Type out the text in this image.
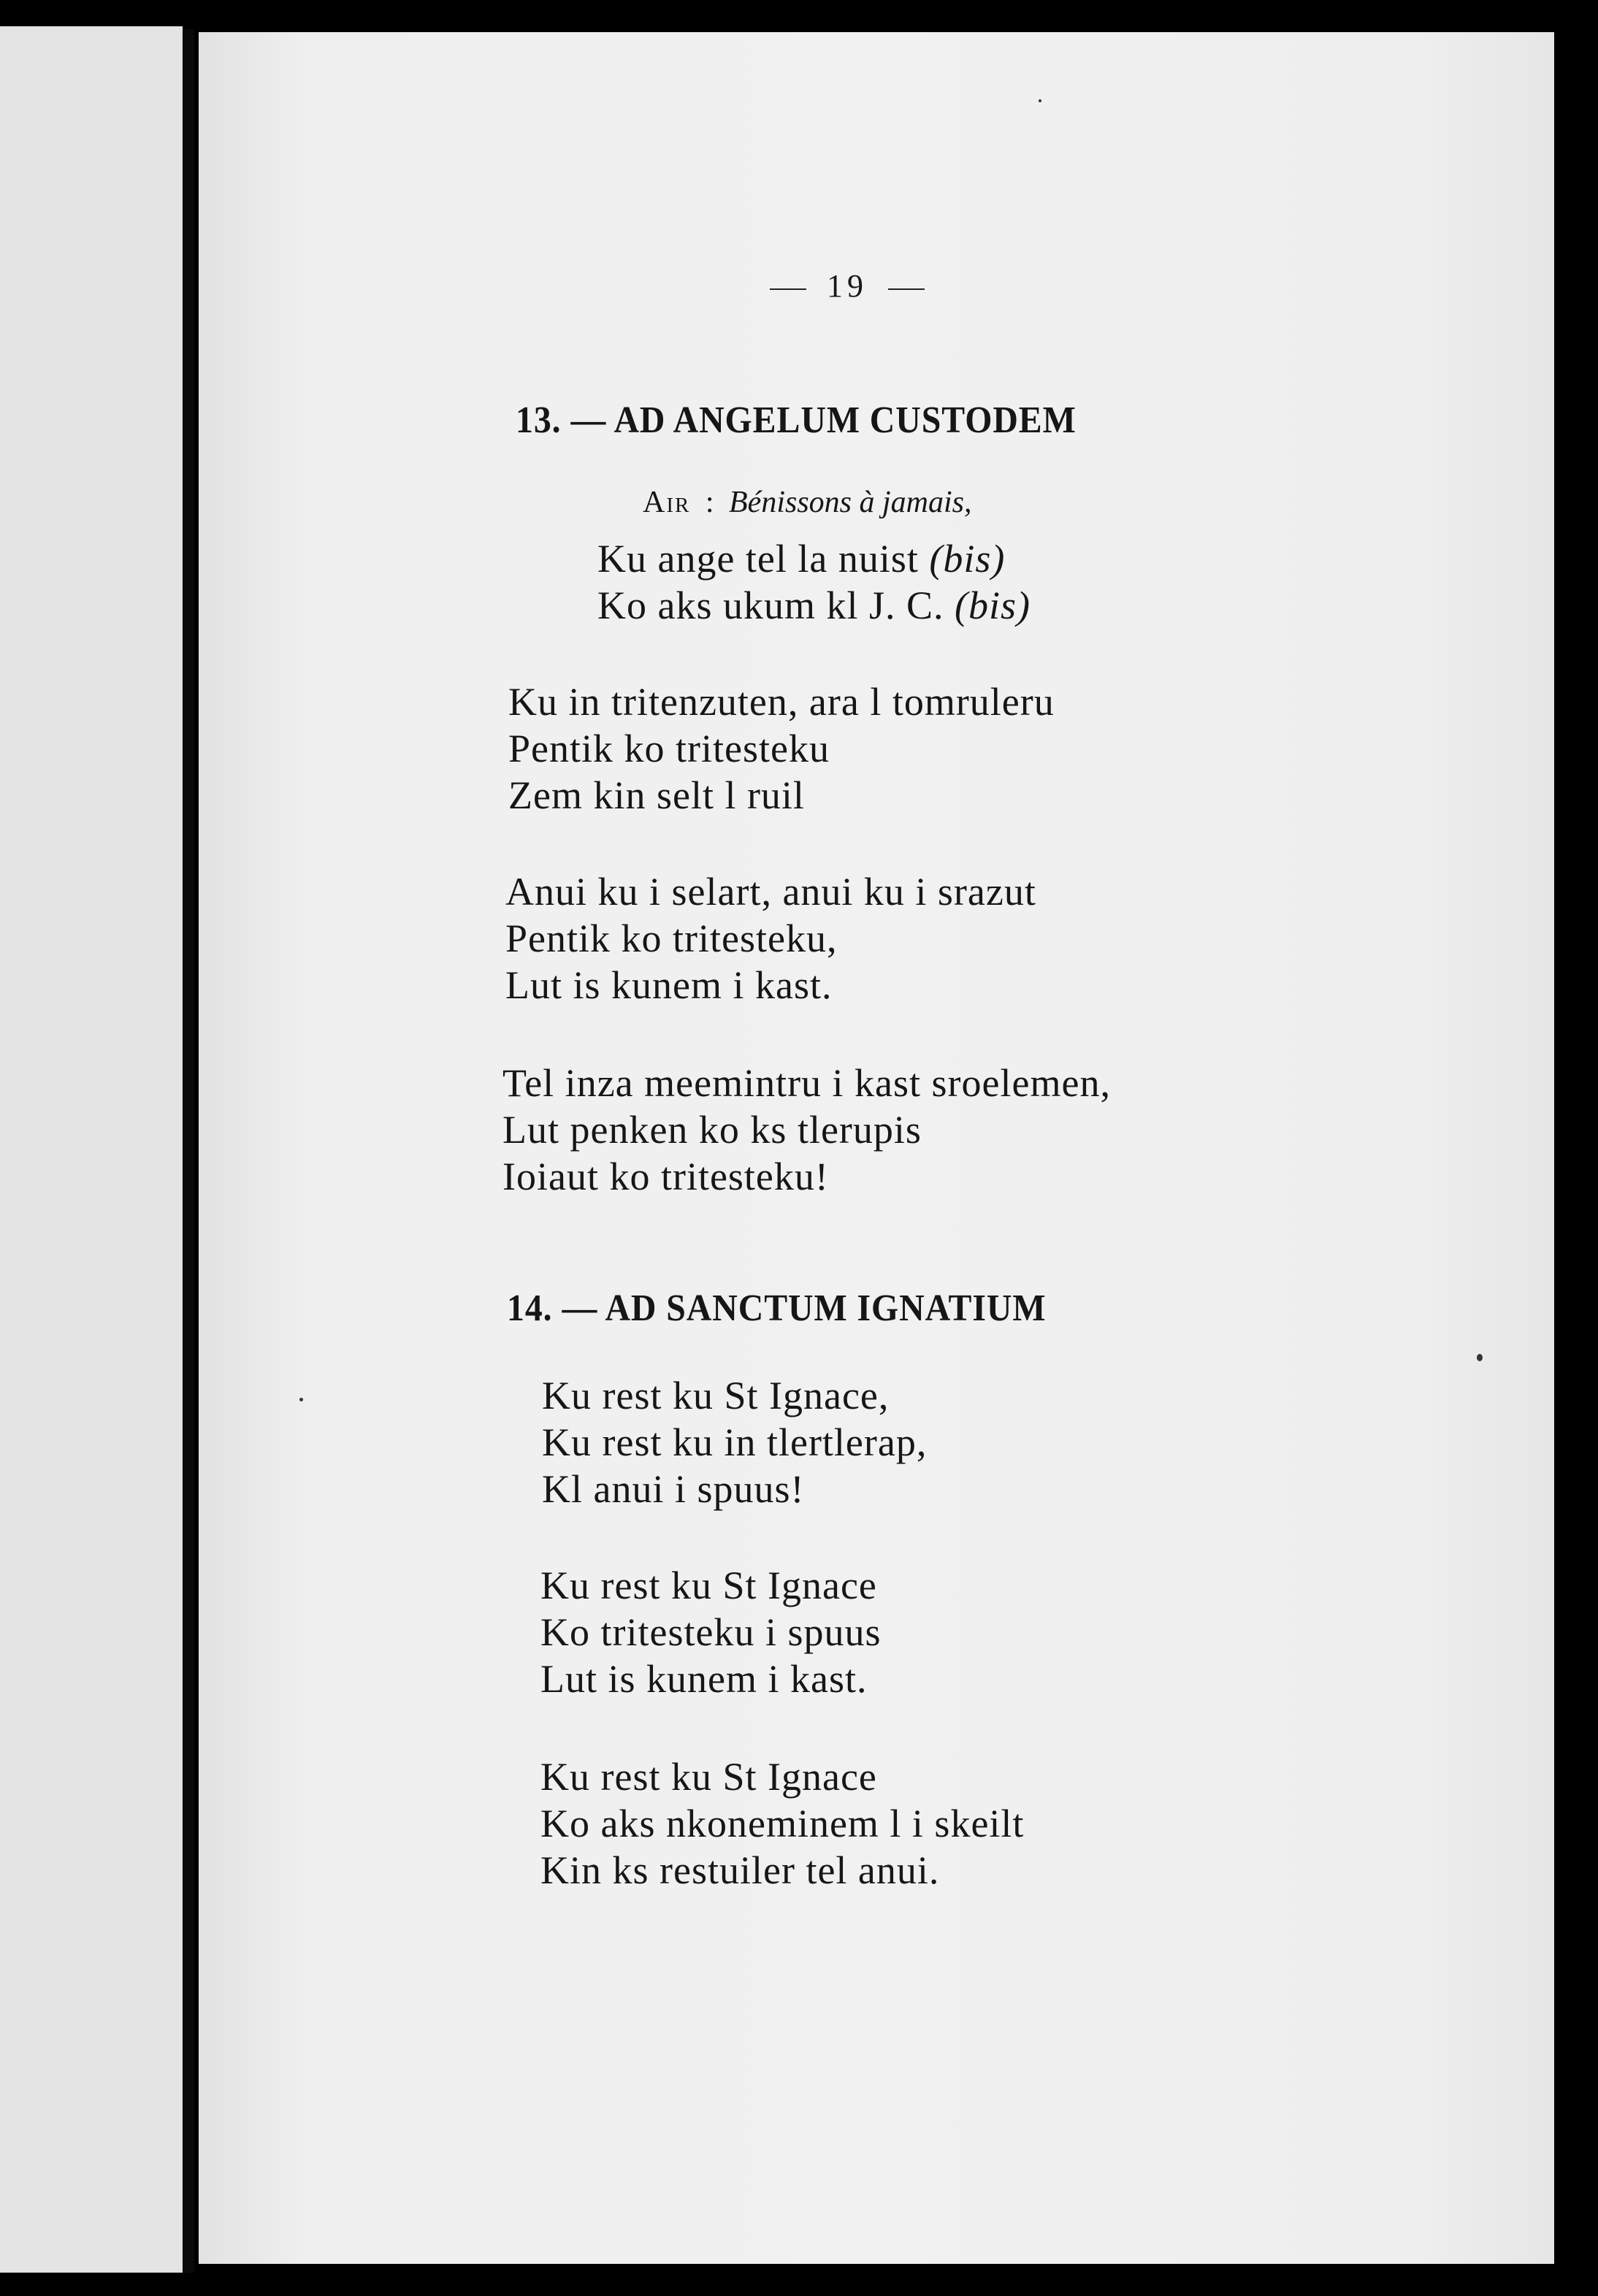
19
13. — AD ANGELUM CUSTODEM
Air : Bénissons à jamais,
Ku ange tel la nuist (bis)
Ko aks ukum kl J. C. (bis)
Ku in tritenzuten, ara l tomruleru
Pentik ko tritesteku
Zem kin selt l ruil
Anui ku i selart, anui ku i srazut
Pentik ko tritesteku,
Lut is kunem i kast.
Tel inza meemintru i kast sroelemen,
Lut penken ko ks tlerupis
Ioiaut ko tritesteku!
14. — AD SANCTUM IGNATIUM
Ku rest ku St Ignace,
Ku rest ku in tlertlerap,
Kl anui i spuus!
Ku rest ku St Ignace
Ko tritesteku i spuus
Lut is kunem i kast.
Ku rest ku St Ignace
Ko aks nkoneminem l i skeilt
Kin ks restuiler tel anui.
